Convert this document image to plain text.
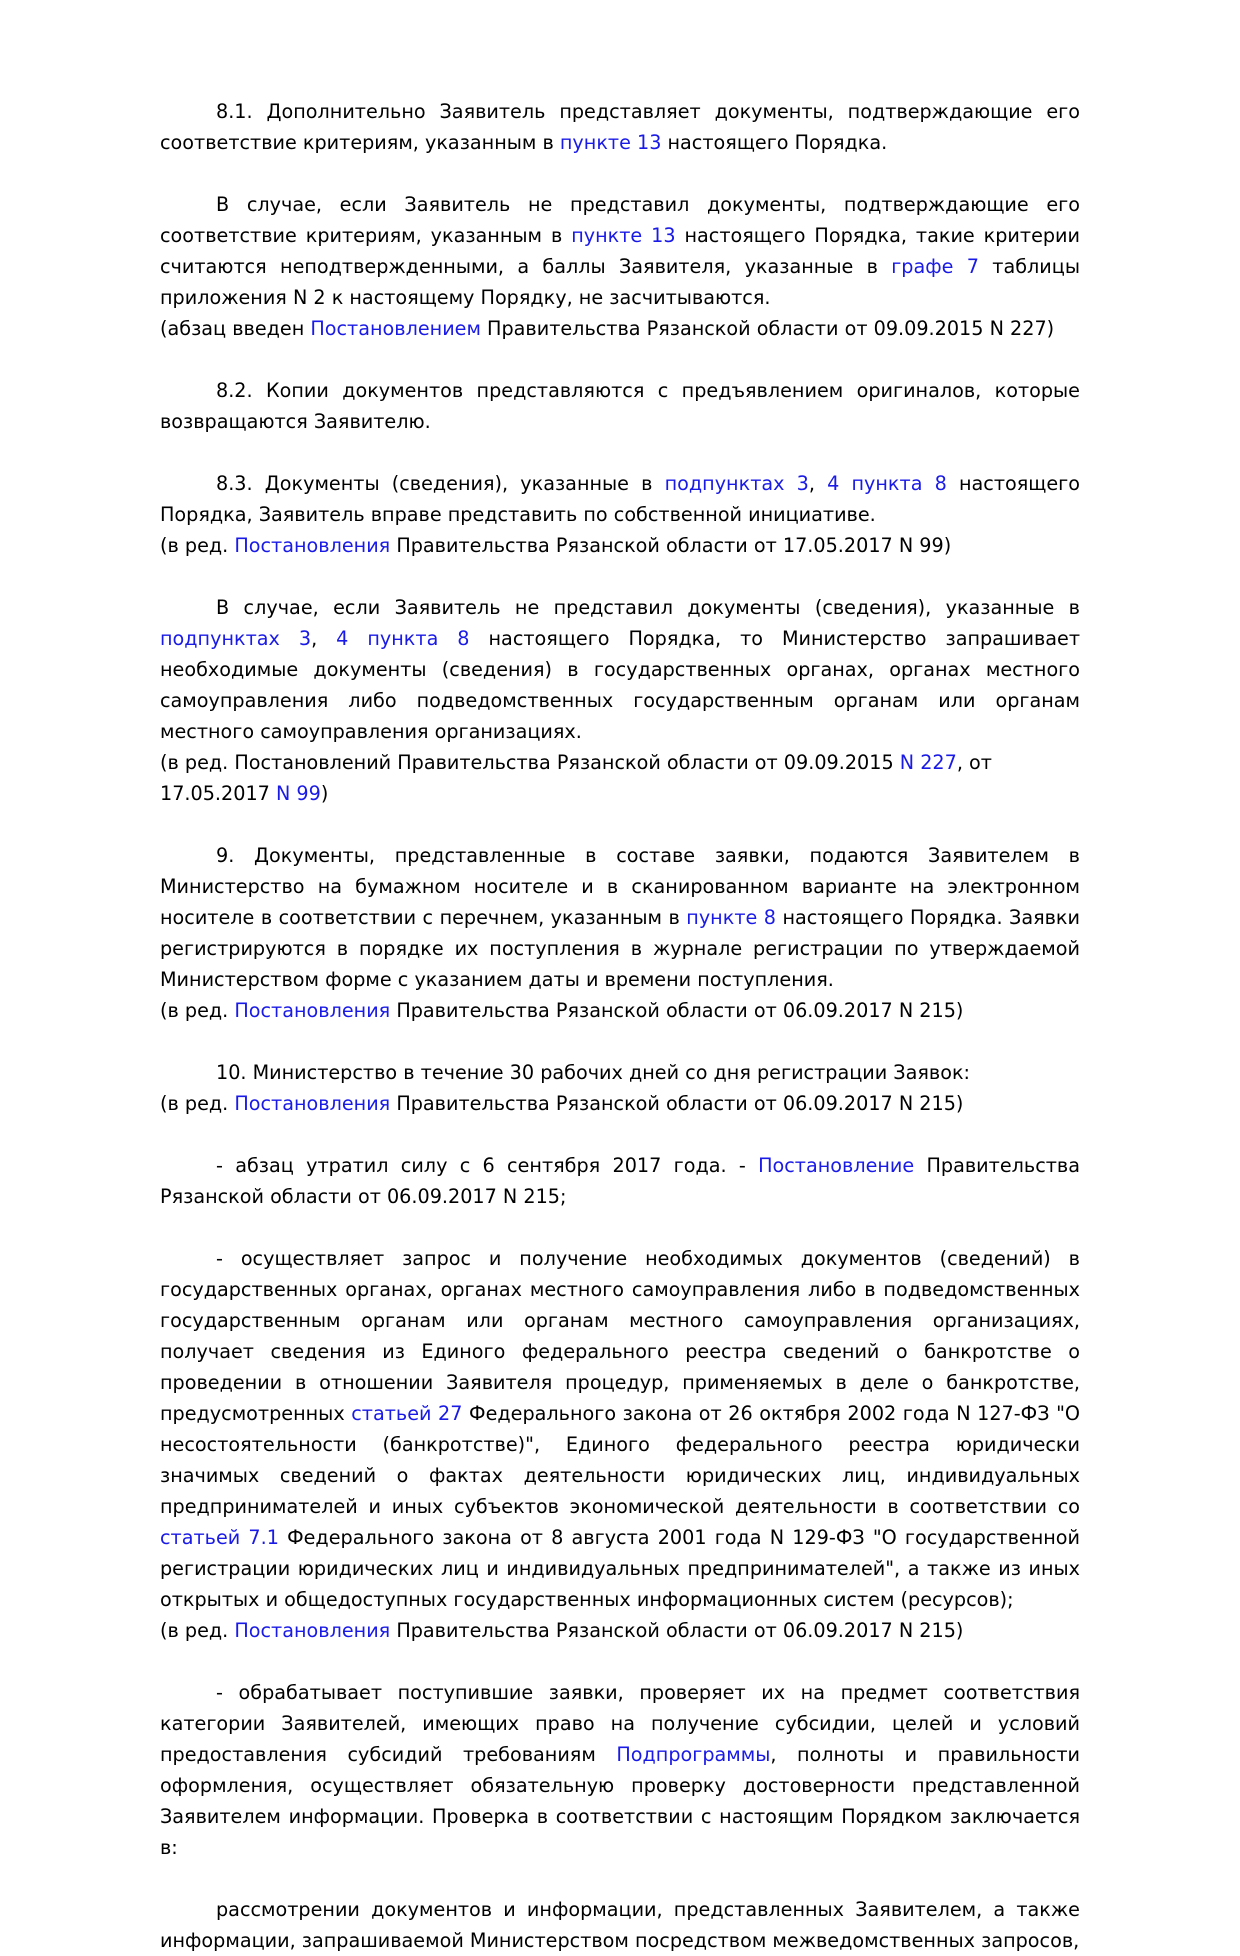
8.1. Дополнительно Заявитель представляет документы, подтверждающие его соответствие критериям, указанным в пункте 13 настоящего Порядка.

В случае, если Заявитель не представил документы, подтверждающие его соответствие критериям, указанным в пункте 13 настоящего Порядка, такие критерии считаются неподтвержденными, а баллы Заявителя, указанные в графе 7 таблицы приложения N 2 к настоящему Порядку, не засчитываются.

(абзац введен Постановлением Правительства Рязанской области от 09.09.2015 N 227)

8.2. Копии документов представляются с предъявлением оригиналов, которые возвращаются Заявителю.

8.3. Документы (сведения), указанные в подпунктах 3, 4 пункта 8 настоящего Порядка, Заявитель вправе представить по собственной инициативе.

(в ред. Постановления Правительства Рязанской области от 17.05.2017 N 99)

В случае, если Заявитель не представил документы (сведения), указанные в подпунктах 3, 4 пункта 8 настоящего Порядка, то Министерство запрашивает необходимые документы (сведения) в государственных органах, органах местного самоуправления либо подведомственных государственным органам или органам местного самоуправления организациях.

(в ред. Постановлений Правительства Рязанской области от 09.09.2015 N 227, от 17.05.2017 N 99)

9. Документы, представленные в составе заявки, подаются Заявителем в Министерство на бумажном носителе и в сканированном варианте на электронном носителе в соответствии с перечнем, указанным в пункте 8 настоящего Порядка. Заявки регистрируются в порядке их поступления в журнале регистрации по утверждаемой Министерством форме с указанием даты и времени поступления.

(в ред. Постановления Правительства Рязанской области от 06.09.2017 N 215)

10. Министерство в течение 30 рабочих дней со дня регистрации Заявок:

(в ред. Постановления Правительства Рязанской области от 06.09.2017 N 215)

- абзац утратил силу с 6 сентября 2017 года. - Постановление Правительства Рязанской области от 06.09.2017 N 215;

- осуществляет запрос и получение необходимых документов (сведений) в государственных органах, органах местного самоуправления либо в подведомственных государственным органам или органам местного самоуправления организациях, получает сведения из Единого федерального реестра сведений о банкротстве о проведении в отношении Заявителя процедур, применяемых в деле о банкротстве, предусмотренных статьей 27 Федерального закона от 26 октября 2002 года N 127-ФЗ "О несостоятельности (банкротстве)", Единого федерального реестра юридически значимых сведений о фактах деятельности юридических лиц, индивидуальных предпринимателей и иных субъектов экономической деятельности в соответствии со статьей 7.1 Федерального закона от 8 августа 2001 года N 129-ФЗ "О государственной регистрации юридических лиц и индивидуальных предпринимателей", а также из иных открытых и общедоступных государственных информационных систем (ресурсов);

(в ред. Постановления Правительства Рязанской области от 06.09.2017 N 215)

- обрабатывает поступившие заявки, проверяет их на предмет соответствия категории Заявителей, имеющих право на получение субсидии, целей и условий предоставления субсидий требованиям Подпрограммы, полноты и правильности оформления, осуществляет обязательную проверку достоверности представленной Заявителем информации. Проверка в соответствии с настоящим Порядком заключается в:

рассмотрении документов и информации, представленных Заявителем, а также информации, запрашиваемой Министерством посредством межведомственных запросов,
